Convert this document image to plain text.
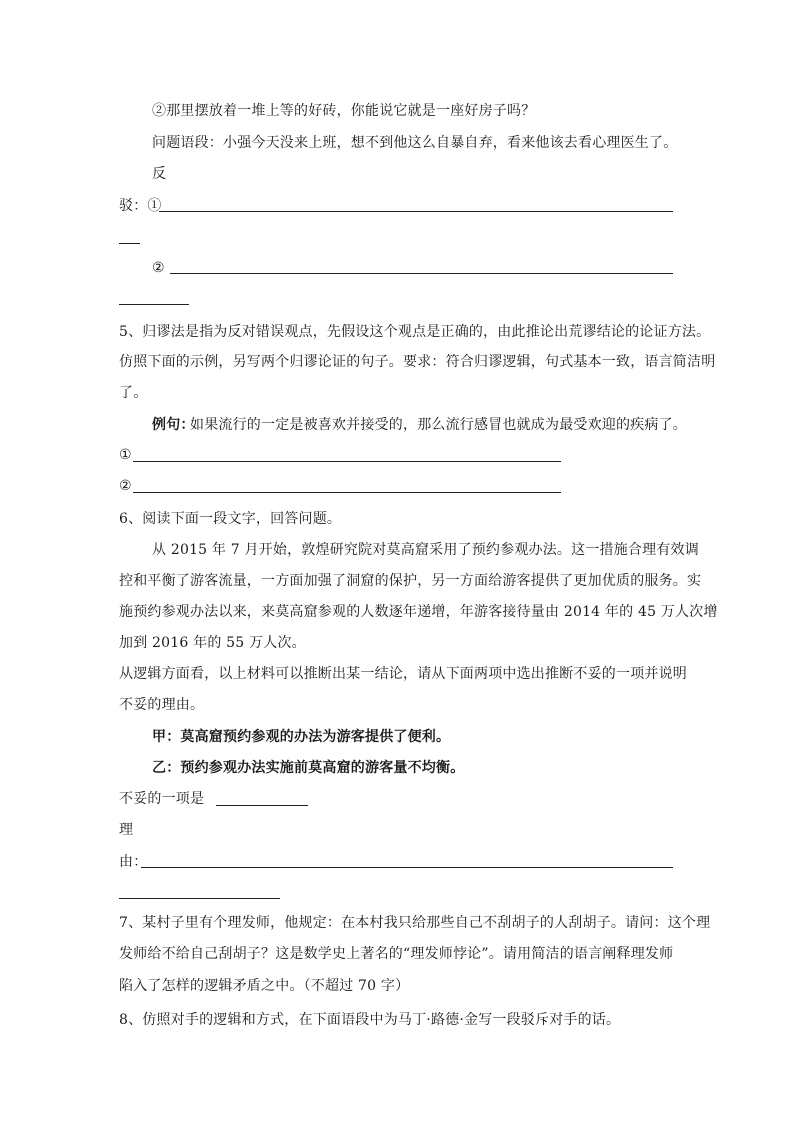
②那里摆放着一堆上等的好砖，你能说它就是一座好房子吗？
问题语段：小强今天没来上班，想不到他这么自暴自弃，看来他该去看心理医生了。
反
驳：①
②
5、归谬法是指为反对错误观点，先假设这个观点是正确的，由此推论出荒谬结论的论证方法。
仿照下面的示例，另写两个归谬论证的句子。要求：符合归谬逻辑，句式基本一致，语言简洁明
了。
例句：
如果流行的一定是被喜欢并接受的，那么流行感冒也就成为最受欢迎的疾病了。
①
②
6、阅读下面一段文字，回答问题。
从 2015 年 7 月开始，敦煌研究院对莫高窟采用了预约参观办法。这一措施合理有效调
控和平衡了游客流量，一方面加强了洞窟的保护，另一方面给游客提供了更加优质的服务。实
施预约参观办法以来，来莫高窟参观的人数逐年递增，年游客接待量由 2014 年的 45 万人次增
加到 2016 年的 55 万人次。
从逻辑方面看，以上材料可以推断出某一结论，请从下面两项中选出推断不妥的一项并说明
不妥的理由。
甲：莫高窟预约参观的办法为游客提供了便利。
乙：预约参观办法实施前莫高窟的游客量不均衡。
不妥的一项是
理
由：
7、某村子里有个理发师，他规定：在本村我只给那些自己不刮胡子的人刮胡子。请问：这个理
发师给不给自己刮胡子？这是数学史上著名的“理发师悖论”。请用简洁的语言阐释理发师
陷入了怎样的逻辑矛盾之中。（不超过 70 字）
8、仿照对手的逻辑和方式，在下面语段中为马丁·路德·金写一段驳斥对手的话。
